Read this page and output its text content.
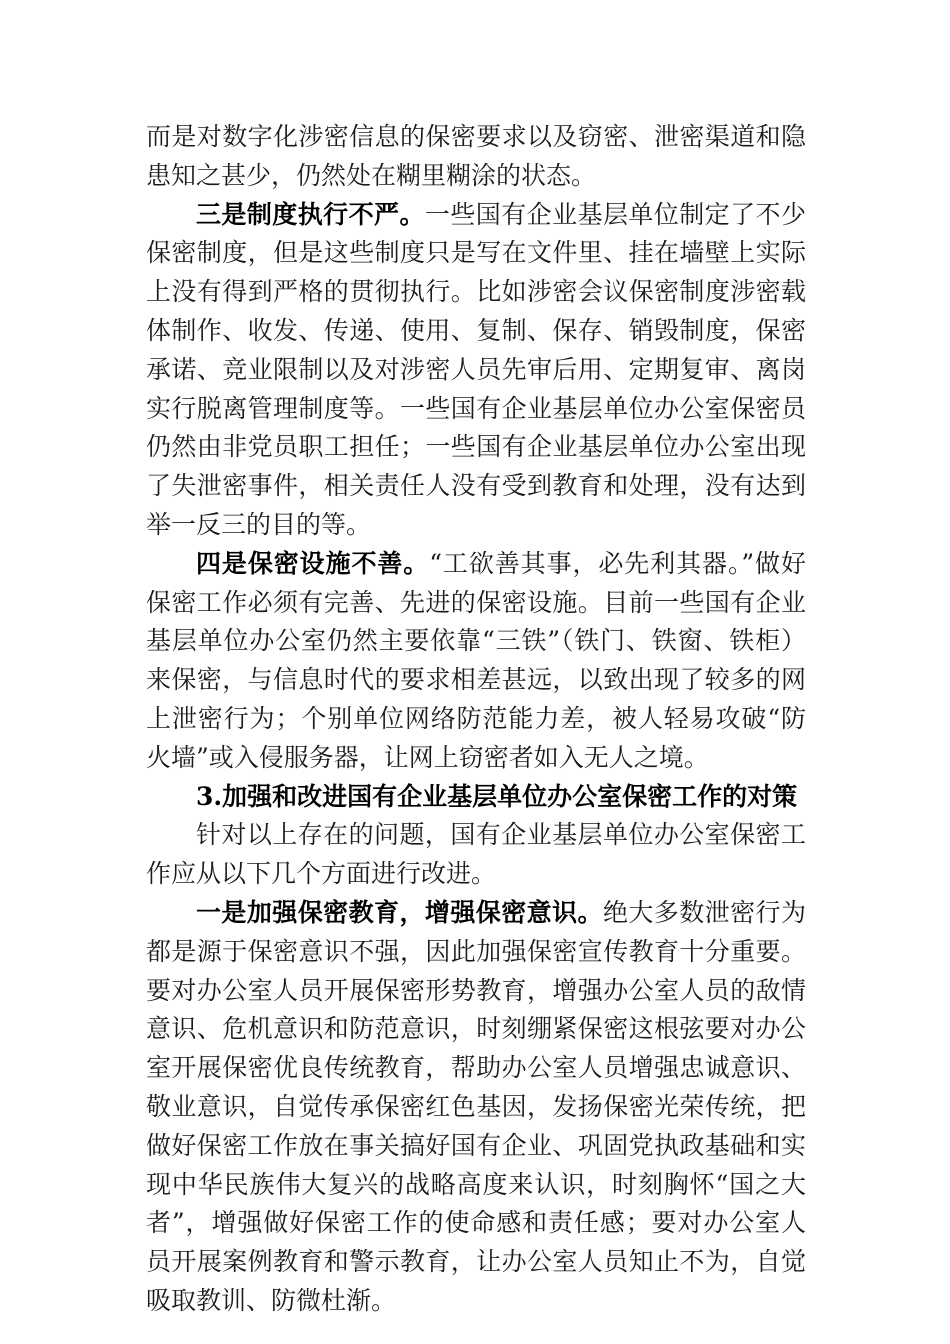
而是对数字化涉密信息的保密要求以及窃密、泄密渠道和隐患知之甚少，仍然处在糊里糊涂的状态。

三是制度执行不严。一些国有企业基层单位制定了不少保密制度，但是这些制度只是写在文件里、挂在墙壁上实际上没有得到严格的贯彻执行。比如涉密会议保密制度涉密载体制作、收发、传递、使用、复制、保存、销毁制度，保密承诺、竞业限制以及对涉密人员先审后用、定期复审、离岗实行脱离管理制度等。一些国有企业基层单位办公室保密员仍然由非党员职工担任；一些国有企业基层单位办公室出现了失泄密事件，相关责任人没有受到教育和处理，没有达到举一反三的目的等。

四是保密设施不善。“工欲善其事，必先利其器。”做好保密工作必须有完善、先进的保密设施。目前一些国有企业基层单位办公室仍然主要依靠“三铁”（铁门、铁窗、铁柜）来保密，与信息时代的要求相差甚远，以致出现了较多的网上泄密行为；个别单位网络防范能力差，被人轻易攻破“防火墙”或入侵服务器，让网上窃密者如入无人之境。

3.加强和改进国有企业基层单位办公室保密工作的对策

针对以上存在的问题，国有企业基层单位办公室保密工作应从以下几个方面进行改进。

一是加强保密教育，增强保密意识。绝大多数泄密行为都是源于保密意识不强，因此加强保密宣传教育十分重要。要对办公室人员开展保密形势教育，增强办公室人员的敌情意识、危机意识和防范意识，时刻绷紧保密这根弦要对办公室开展保密优良传统教育，帮助办公室人员增强忠诚意识、敬业意识，自觉传承保密红色基因，发扬保密光荣传统，把做好保密工作放在事关搞好国有企业、巩固党执政基础和实现中华民族伟大复兴的战略高度来认识，时刻胸怀“国之大者”，增强做好保密工作的使命感和责任感；要对办公室人员开展案例教育和警示教育，让办公室人员知止不为，自觉吸取教训、防微杜渐。
